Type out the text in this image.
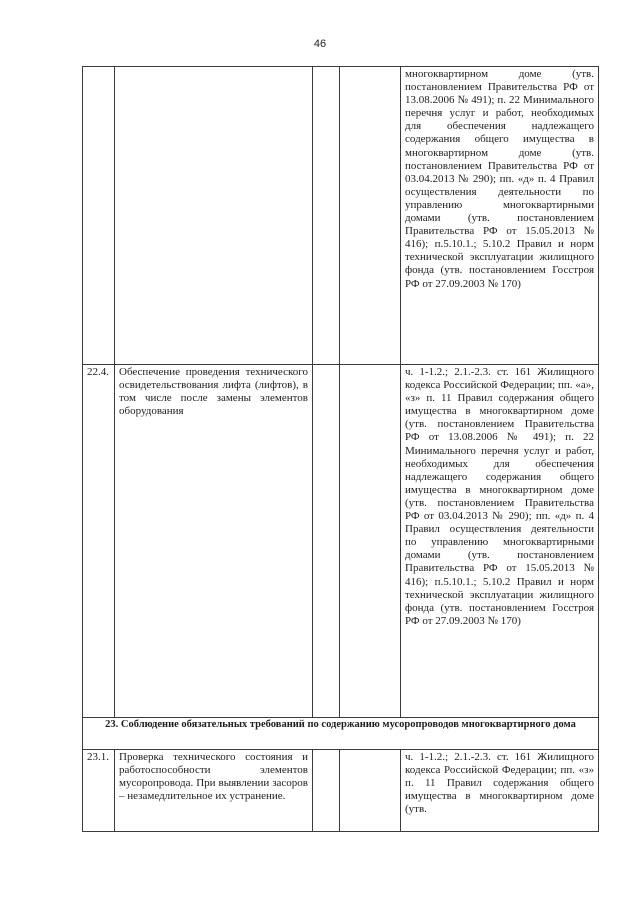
46
				многоквартирном доме (утв. постановлением Правительства РФ от 13.08.2006 № 491); п. 22 Минимального перечня услуг и работ, необходимых для обеспечения надлежащего содержания общего имущества в многоквартирном доме (утв. постановлением Правительства РФ от 03.04.2013 № 290); пп. «д» п. 4 Правил осуществления деятельности по управлению многоквартирными домами (утв. постановлением Правительства РФ от 15.05.2013 № 416); п.5.10.1.; 5.10.2 Правил и норм технической эксплуатации жилищного фонда (утв. постановлением Госстроя РФ от 27.09.2003 № 170)
22.4.	Обеспечение проведения технического освидетельствования лифта (лифтов), в том числе после замены элементов оборудования			ч. 1-1.2.; 2.1.-2.3. ст. 161 Жилищного кодекса Российской Федерации; пп. «а», «з» п. 11 Правил содержания общего имущества в многоквартирном доме (утв. постановлением Правительства РФ от 13.08.2006 № 491); п. 22 Минимального перечня услуг и работ, необходимых для обеспечения надлежащего содержания общего имущества в многоквартирном доме (утв. постановлением Правительства РФ от 03.04.2013 № 290); пп. «д» п. 4 Правил осуществления деятельности по управлению многоквартирными домами (утв. постановлением Правительства РФ от 15.05.2013 № 416); п.5.10.1.; 5.10.2 Правил и норм технической эксплуатации жилищного фонда (утв. постановлением Госстроя РФ от 27.09.2003 № 170)
23. Соблюдение обязательных требований по содержанию мусоропроводов многоквартирного дома				
23.1.	Проверка технического состояния и работоспособности элементов мусоропровода. При выявлении засоров – незамедлительное их устранение.			ч. 1-1.2.; 2.1.-2.3. ст. 161 Жилищного кодекса Российской Федерации; пп. «з» п. 11 Правил содержания общего имущества в многоквартирном доме (утв.
